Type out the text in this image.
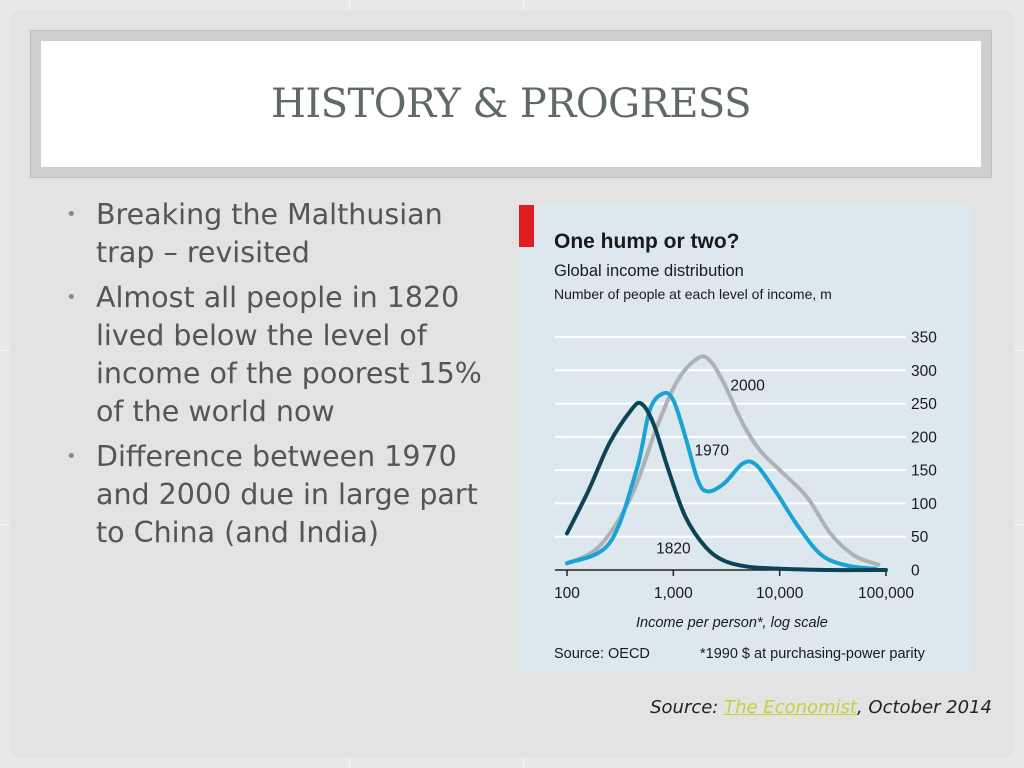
HISTORY & PROGRESS
• Breaking the Malthusian trap – revisited
• Almost all people in 1820 lived below the level of income of the poorest 15% of the world now
• Difference between 1970 and 2000 due in large part to China (and India)
One hump or two?
Global income distribution
Number of people at each level of income, m
0
50
100
150
200
250
300
350
100	1,000	10,000	100,000
2000
1970
1820
Income per person*, log scale
Source: OECD	*1990 $ at purchasing-power parity
Source: The Economist, October 2014
